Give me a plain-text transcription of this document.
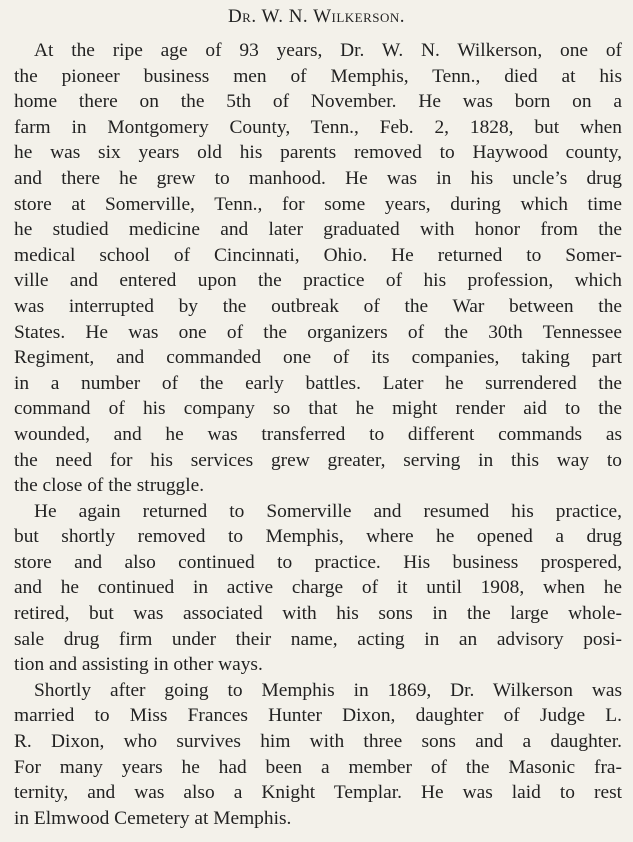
Dr. W. N. Wilkerson.
At the ripe age of 93 years, Dr. W. N. Wilkerson, one of
the pioneer business men of Memphis, Tenn., died at his
home there on the 5th of November. He was born on a
farm in Montgomery County, Tenn., Feb. 2, 1828, but when
he was six years old his parents removed to Haywood county,
and there he grew to manhood. He was in his uncle’s drug
store at Somerville, Tenn., for some years, during which time
he studied medicine and later graduated with honor from the
medical school of Cincinnati, Ohio. He returned to Somer-
ville and entered upon the practice of his profession, which
was interrupted by the outbreak of the War between the
States. He was one of the organizers of the 30th Tennessee
Regiment, and commanded one of its companies, taking part
in a number of the early battles. Later he surrendered the
command of his company so that he might render aid to the
wounded, and he was transferred to different commands as
the need for his services grew greater, serving in this way to
the close of the struggle.
He again returned to Somerville and resumed his practice,
but shortly removed to Memphis, where he opened a drug
store and also continued to practice. His business prospered,
and he continued in active charge of it until 1908, when he
retired, but was associated with his sons in the large whole-
sale drug firm under their name, acting in an advisory posi-
tion and assisting in other ways.
Shortly after going to Memphis in 1869, Dr. Wilkerson was
married to Miss Frances Hunter Dixon, daughter of Judge L.
R. Dixon, who survives him with three sons and a daughter.
For many years he had been a member of the Masonic fra-
ternity, and was also a Knight Templar. He was laid to rest
in Elmwood Cemetery at Memphis.
